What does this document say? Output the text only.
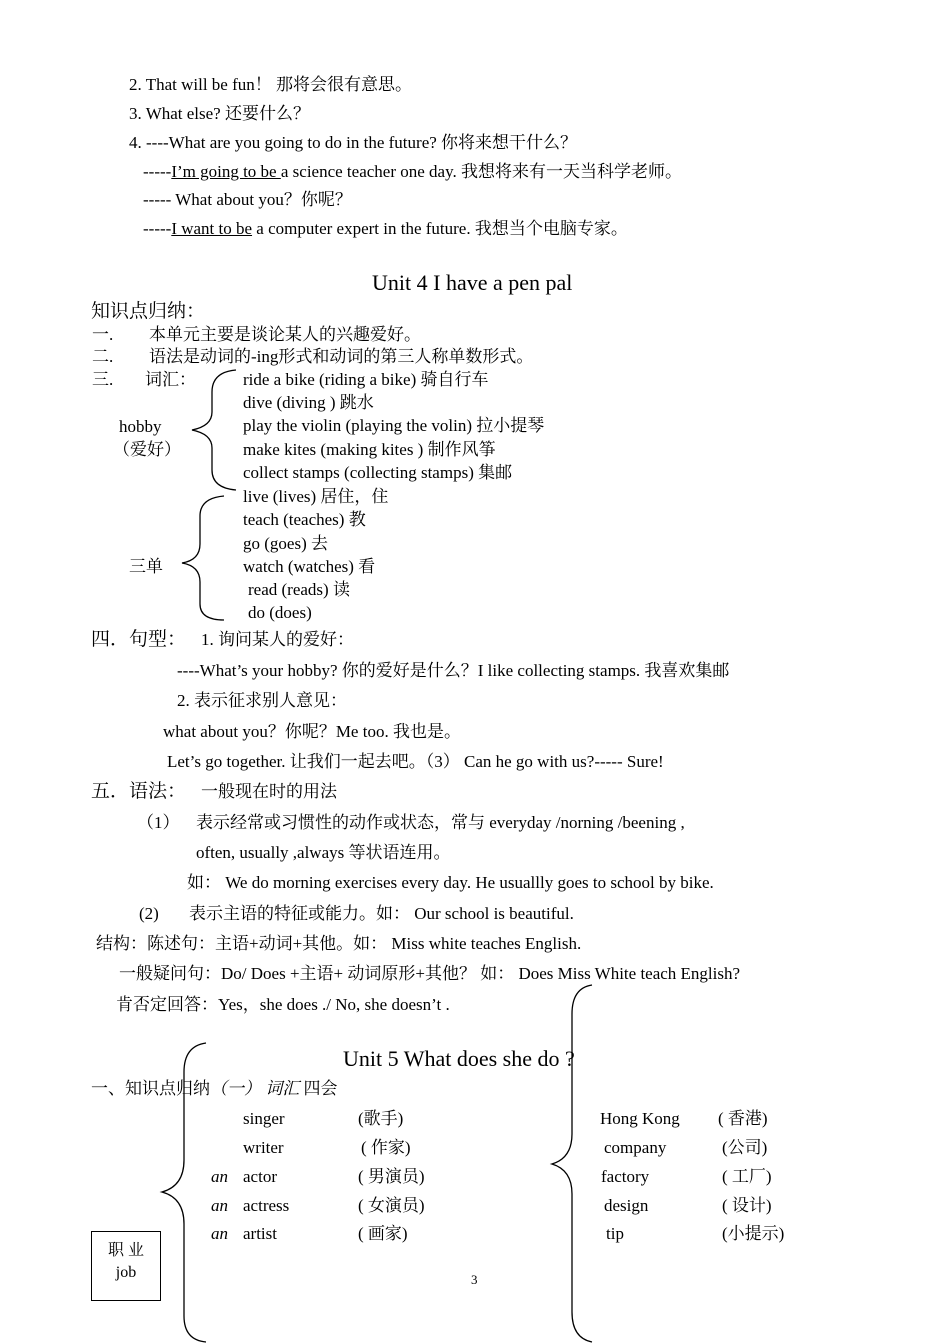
2. That will be fun！ 那将会很有意思。
3. What else? 还要什么？
4. ----What are you going to do in the future? 你将来想干什么？
-----I’m going to be a science teacher one day. 我想将来有一天当科学老师。
----- What about you？你呢？
-----I want to be a computer expert in the future. 我想当个电脑专家。
Unit 4 I have a pen pal
知识点归纳：
一. 本单元主要是谈论某人的兴趣爱好。
二. 语法是动词的-ing形式和动词的第三人称单数形式。
三. 词汇：	ride a bike (riding a bike) 骑自行车
dive (diving ) 跳水
play the violin (playing the volin) 拉小提琴
make kites (making kites ) 制作风筝
collect stamps (collecting stamps) 集邮
hobby
（爱好）
live (lives) 居住，住
teach (teaches) 教
go (goes) 去
watch (watches) 看
read (reads) 读
do (does)
三单
四．句型： 1. 询问某人的爱好：
----What’s your hobby? 你的爱好是什么？I like collecting stamps. 我喜欢集邮
2. 表示征求别人意见：
what about you？你呢？Me too. 我也是。
Let’s go together. 让我们一起去吧。（3） Can he go with us?----- Sure!
五．语法： 一般现在时的用法
（1） 表示经常或习惯性的动作或状态，常与 everyday /norning /beening ,
often, usually ,always 等状语连用。
如： We do morning exercises every day. He usuallly goes to school by bike.
(2) 表示主语的特征或能力。如： Our school is beautiful.
结构：陈述句：主语+动词+其他。如： Miss white teaches English.
一般疑问句：Do/ Does +主语+ 动词原形+其他？ 如： Does Miss White teach English?
肯否定回答：Yes，she does ./ No, she doesn’t .
Unit 5 What does she do ?
一、知识点归纳（一） 词汇 四会
singer	(歌手)
writer	( 作家)
an actor	( 男演员)
an actress	( 女演员)
an artist	( 画家)
Hong Kong ( 香港)
company	(公司)
factory	( 工厂)
design	( 设计)
tip	(小提示)
职 业
job	3
